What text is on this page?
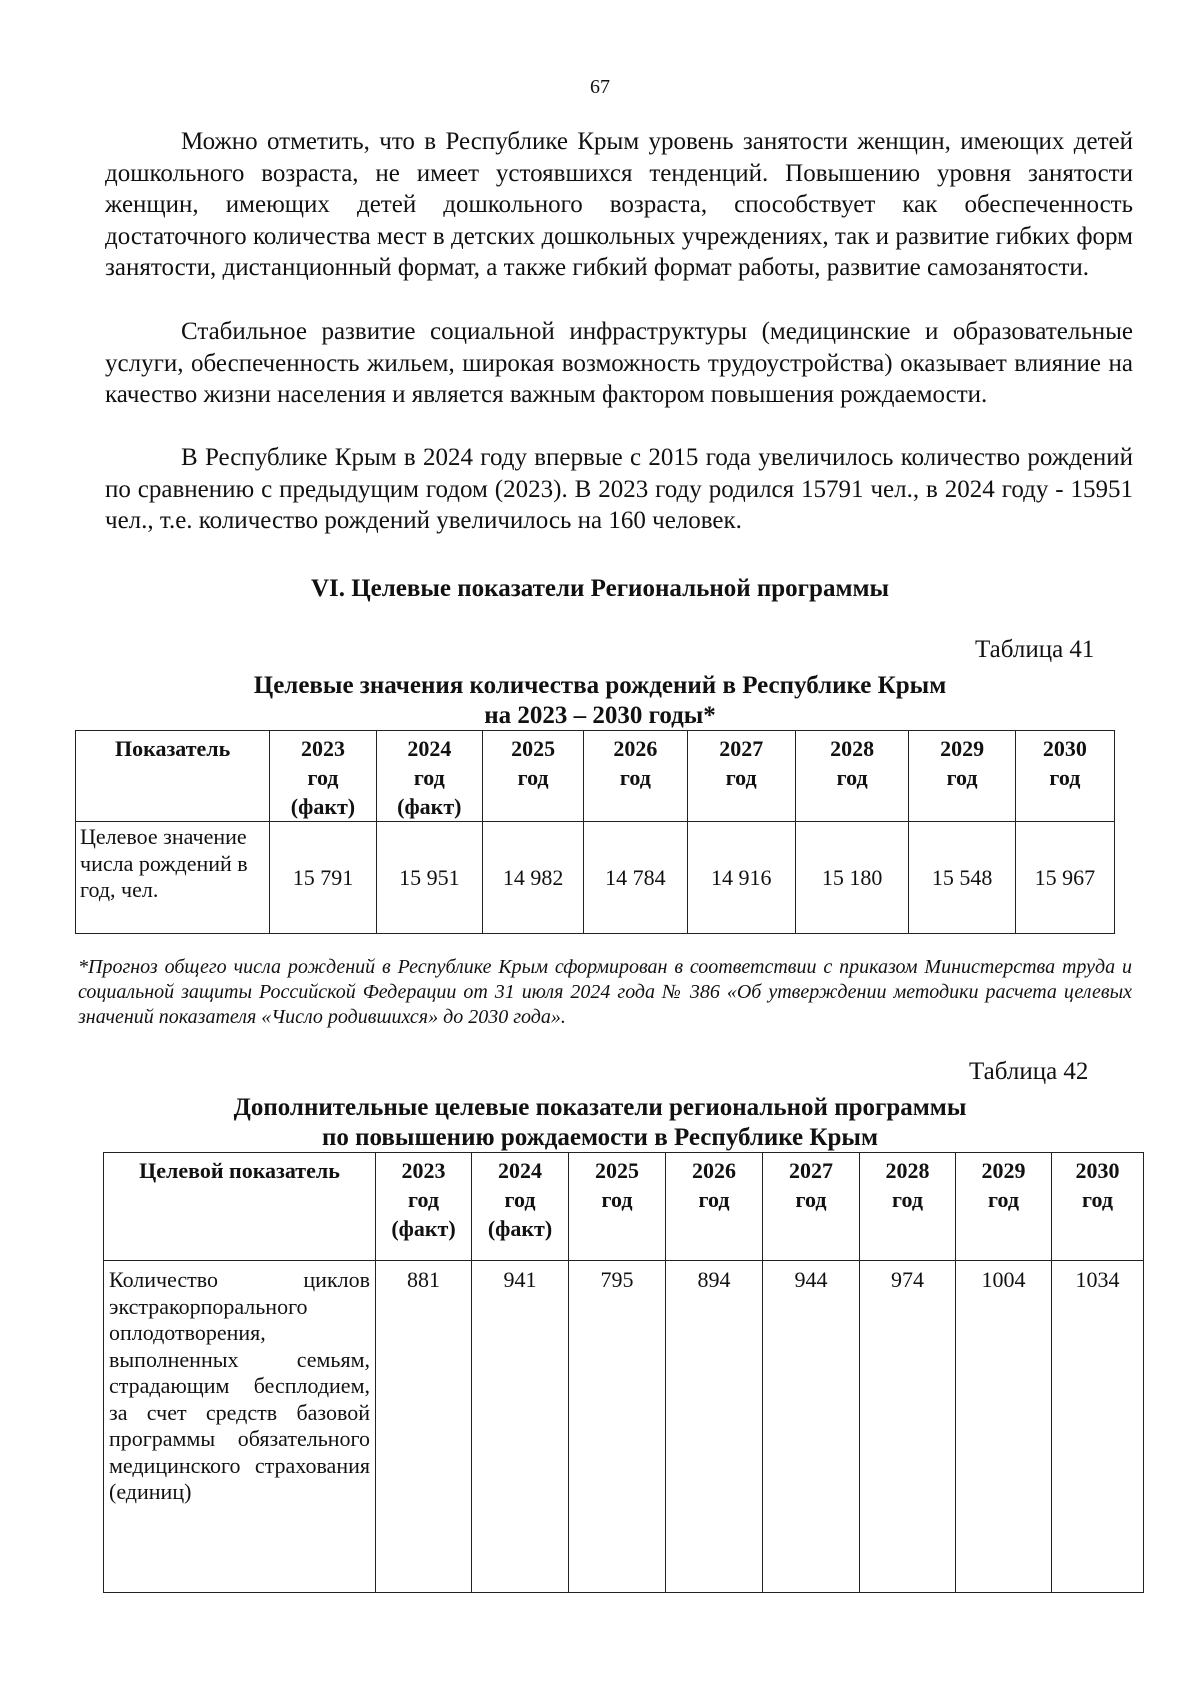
67

Можно отметить, что в Республике Крым уровень занятости женщин, имеющих детей дошкольного возраста, не имеет устоявшихся тенденций. Повышению уровня занятости женщин, имеющих детей дошкольного возраста, способствует как обеспеченность достаточного количества мест в детских дошкольных учреждениях, так и развитие гибких форм занятости, дистанционный формат, а также гибкий формат работы, развитие самозанятости.

Стабильное развитие социальной инфраструктуры (медицинские и образовательные услуги, обеспеченность жильем, широкая возможность трудоустройства) оказывает влияние на качество жизни населения и является важным фактором повышения рождаемости.

В Республике Крым в 2024 году впервые с 2015 года увеличилось количество рождений по сравнению с предыдущим годом (2023). В 2023 году родился 15791 чел., в 2024 году - 15951 чел., т.е. количество рождений увеличилось на 160 человек.

VI. Целевые показатели Региональной программы
Таблица 41
Целевые значения количества рождений в Республике Крым
на 2023 – 2030 годы*
Показатель	2023
год
(факт)	2024
год
(факт)	2025
год	2026
год	2027
год	2028
год	2029
год	2030
год

Целевое значение числа рождений в год, чел.	15 791	15 951	14 982	14 784	14 916	15 180	15 548	15 967

*Прогноз общего числа рождений в Республике Крым сформирован в соответствии с приказом Министерства труда и социальной защиты Российской Федерации от 31 июля 2024 года № 386 «Об утверждении методики расчета целевых значений показателя «Число родившихся» до 2030 года».

Таблица 42
Дополнительные целевые показатели региональной программы
по повышению рождаемости в Республике Крым
Целевой показатель	2023
год
(факт)	2024
год
(факт)	2025
год	2026
год	2027
год	2028
год	2029
год	2030
год

Количество циклов экстракорпорального оплодотворения, выполненных семьям, страдающим бесплодием, за счет средств базовой программы обязательного медицинского страхования (единиц)	881	941	795	894	944	974	1004	1034
